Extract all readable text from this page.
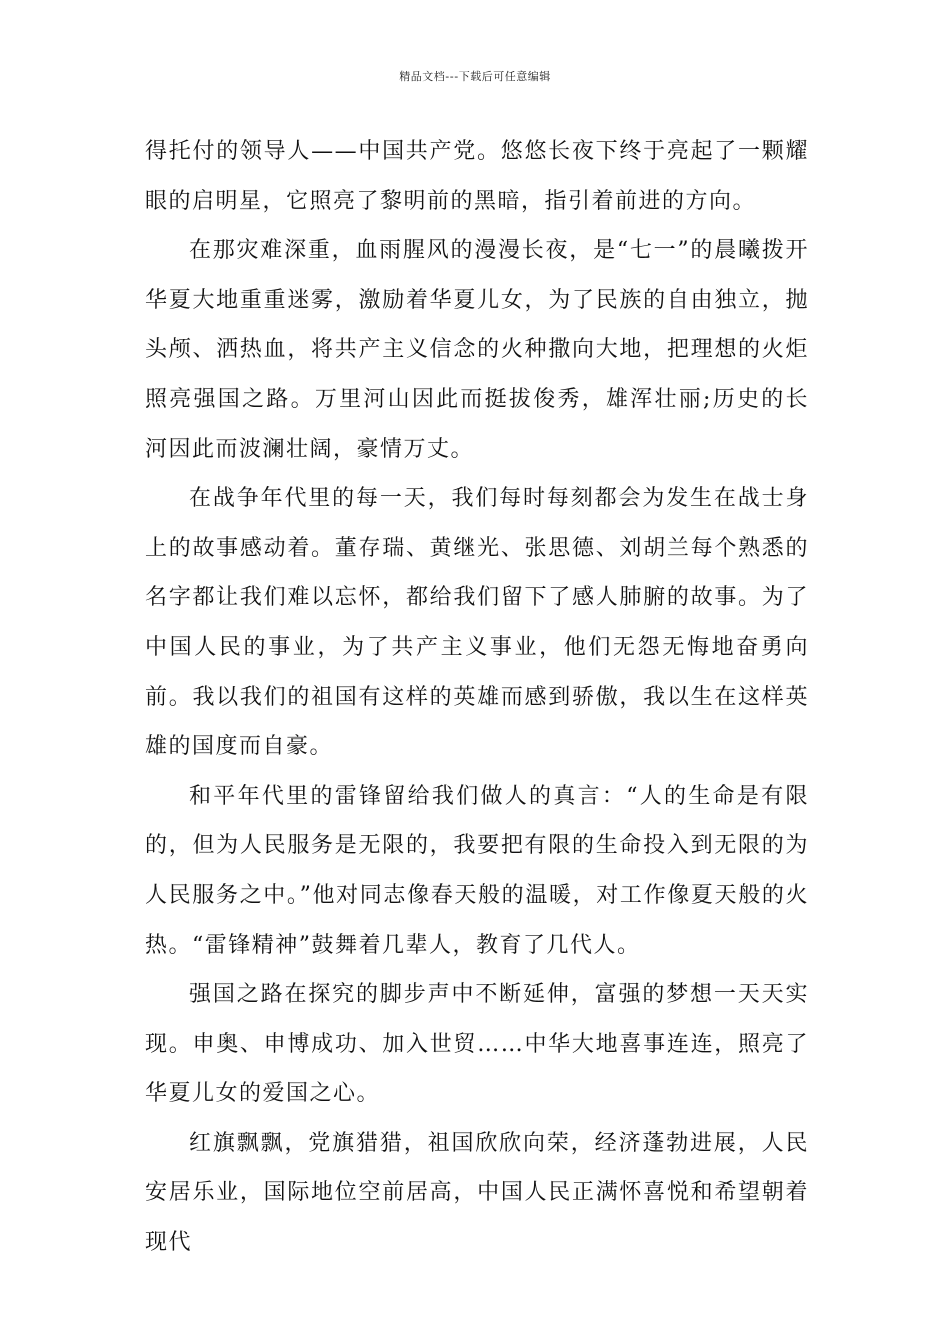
精品文档---下载后可任意编辑

得托付的领导人——中国共产党。悠悠长夜下终于亮起了一颗耀眼的启明星，它照亮了黎明前的黑暗，指引着前进的方向。

在那灾难深重，血雨腥风的漫漫长夜，是“七一”的晨曦拨开华夏大地重重迷雾，激励着华夏儿女，为了民族的自由独立，抛头颅、洒热血，将共产主义信念的火种撒向大地，把理想的火炬照亮强国之路。万里河山因此而挺拔俊秀，雄浑壮丽;历史的长河因此而波澜壮阔，豪情万丈。

在战争年代里的每一天，我们每时每刻都会为发生在战士身上的故事感动着。董存瑞、黄继光、张思德、刘胡兰每个熟悉的名字都让我们难以忘怀，都给我们留下了感人肺腑的故事。为了中国人民的事业，为了共产主义事业，他们无怨无悔地奋勇向前。我以我们的祖国有这样的英雄而感到骄傲，我以生在这样英雄的国度而自豪。

和平年代里的雷锋留给我们做人的真言：“人的生命是有限的，但为人民服务是无限的，我要把有限的生命投入到无限的为人民服务之中。”他对同志像春天般的温暖，对工作像夏天般的火热。“雷锋精神”鼓舞着几辈人，教育了几代人。

强国之路在探究的脚步声中不断延伸，富强的梦想一天天实现。申奥、申博成功、加入世贸……中华大地喜事连连，照亮了华夏儿女的爱国之心。

红旗飘飘，党旗猎猎，祖国欣欣向荣，经济蓬勃进展，人民安居乐业，国际地位空前居高，中国人民正满怀喜悦和希望朝着现代
